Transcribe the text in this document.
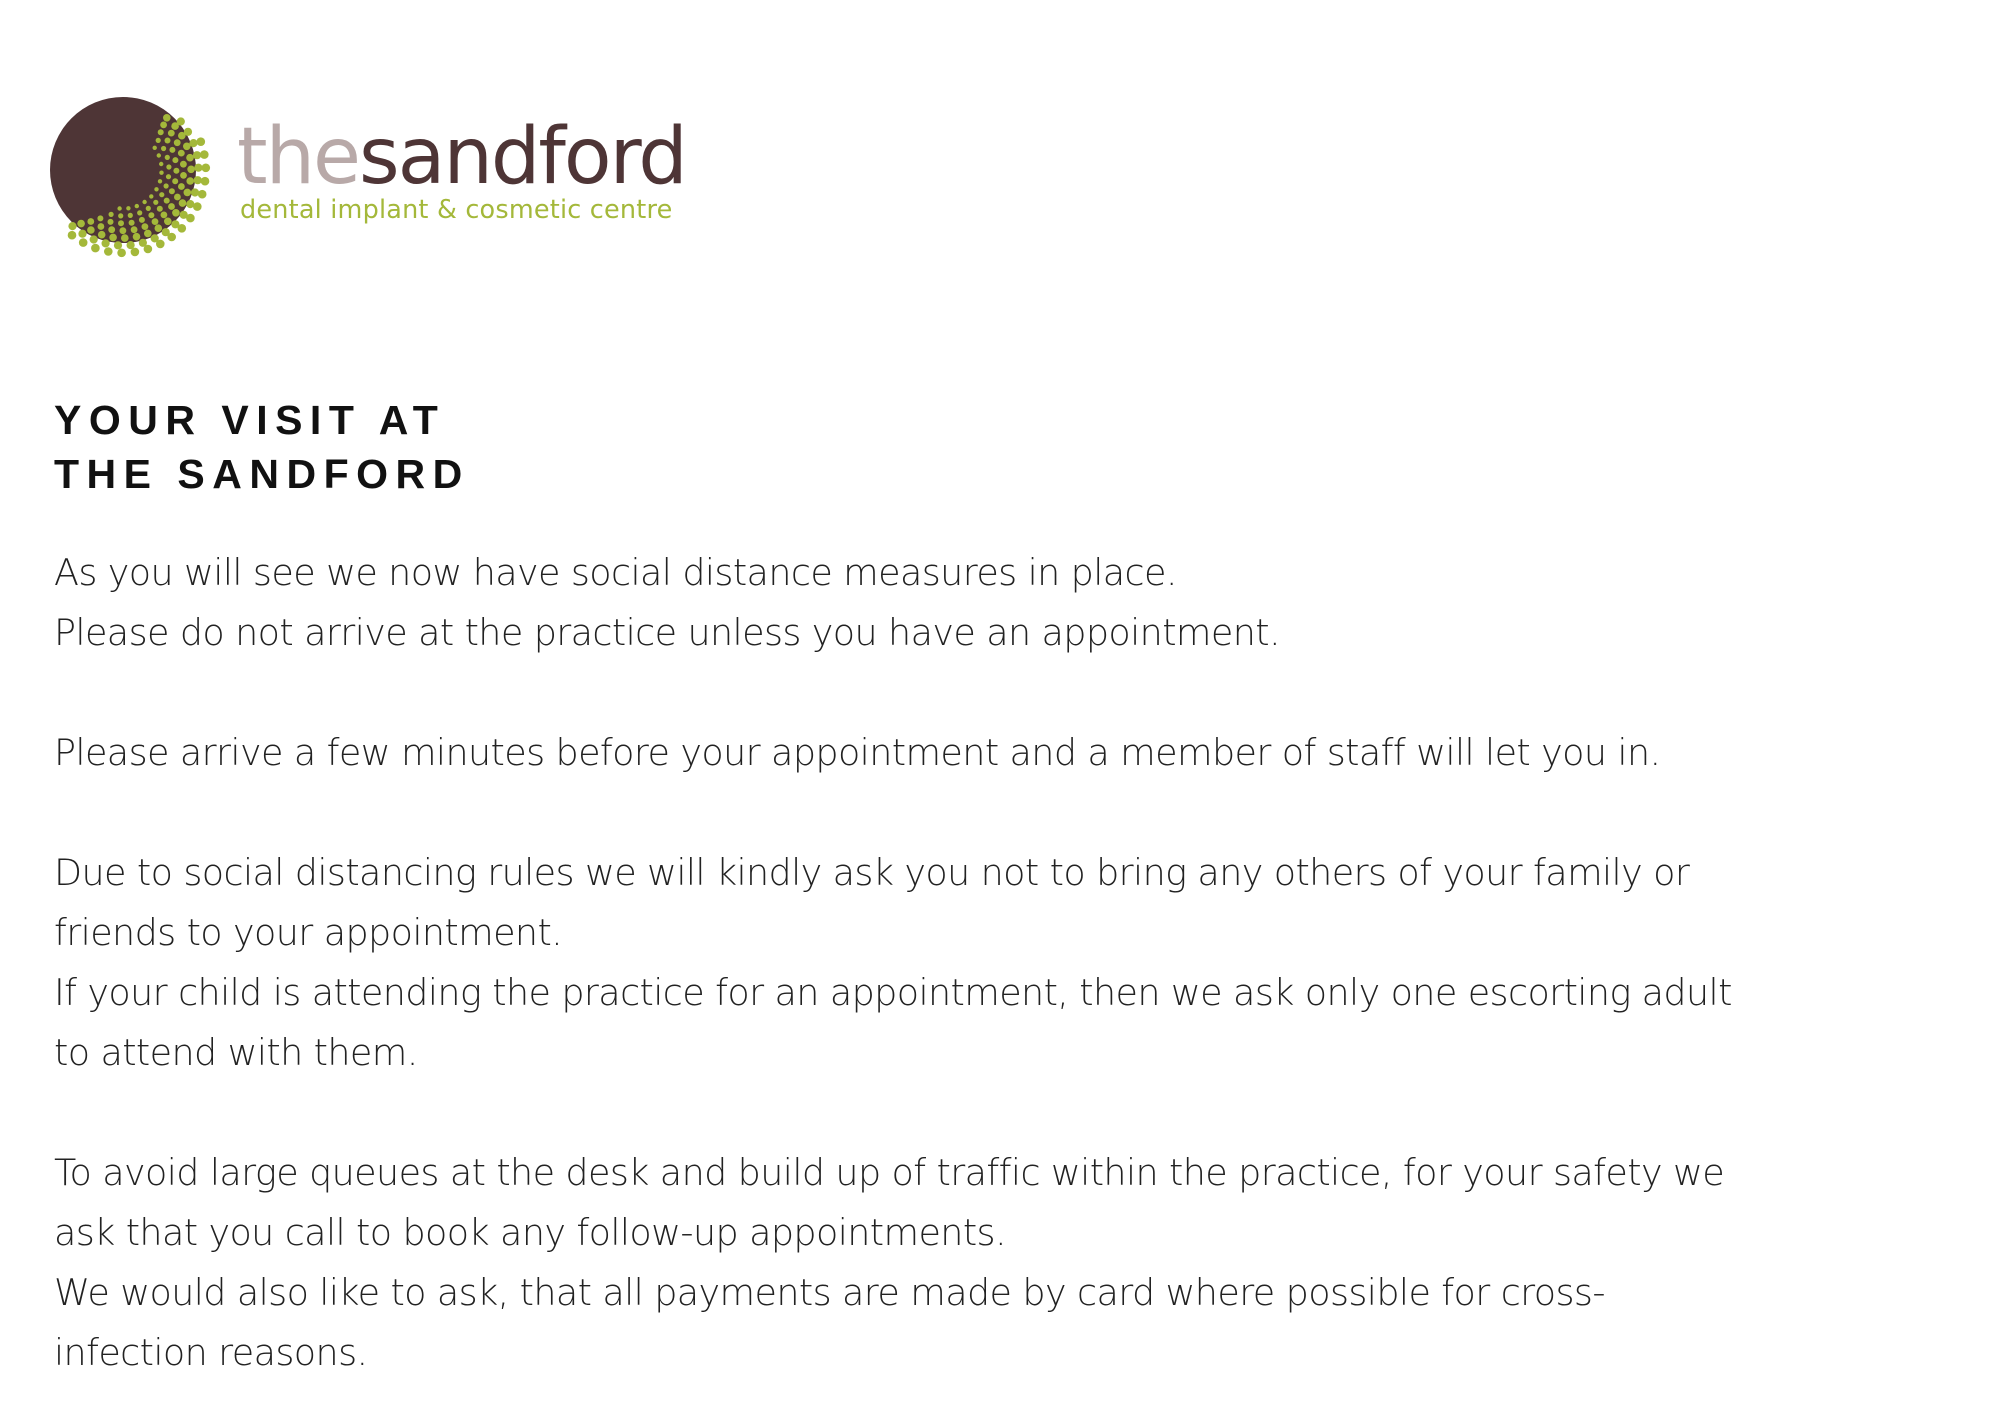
thesandford
dental implant & cosmetic centre
YOUR VISIT AT
THE SANDFORD

As you will see we now have social distance measures in place.
Please do not arrive at the practice unless you have an appointment.

Please arrive a few minutes before your appointment and a member of staff will let you in.

Due to social distancing rules we will kindly ask you not to bring any others of your family or
friends to your appointment.
If your child is attending the practice for an appointment, then we ask only one escorting adult
to attend with them.

To avoid large queues at the desk and build up of traffic within the practice, for your safety we
ask that you call to book any follow-up appointments.
We would also like to ask, that all payments are made by card where possible for cross-
infection reasons.
